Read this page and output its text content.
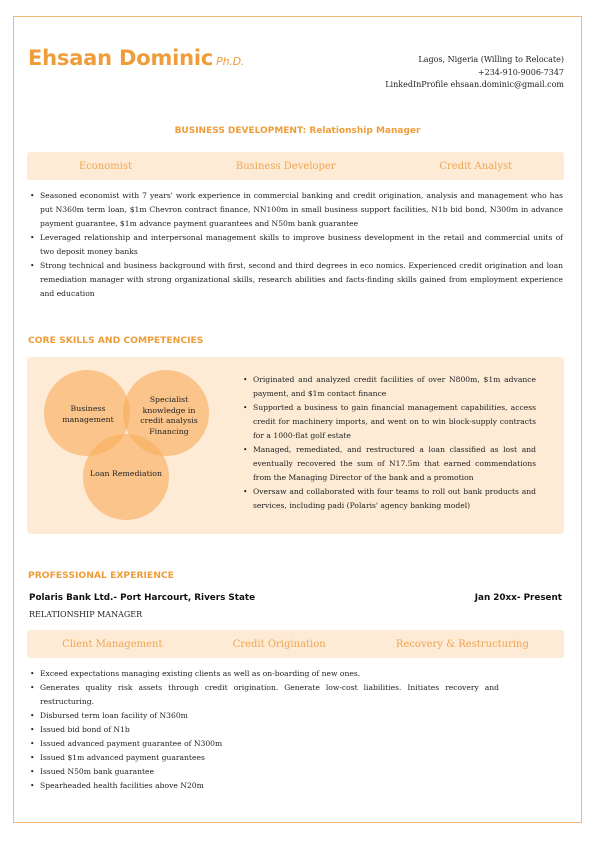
Ehsaan Dominic Ph.D.	Lagos, Nigeria (Willing to Relocate)
+234-910-9006-7347
LinkedInProfile ehsaan.dominic@gmail.com
BUSINESS DEVELOPMENT: Relationship Manager
Economist	Business Developer	Credit Analyst
• Seasoned economist with 7 years' work experience in commercial banking and credit origination, analysis and management who has put N360m term loan, $1m Chevron contract finance, NN100m in small business support facilities, N1b bid bond, N300m in advance payment guarantee, $1m advance payment guarantees and N50m bank guarantee
• Leveraged relationship and interpersonal management skills to improve business development in the retail and commercial units of two deposit money banks
• Strong technical and business background with first, second and third degrees in eco nomics. Experienced credit origination and loan remediation manager with strong organizational skills, research abilities and facts-finding skills gained from employment experience and education
CORE SKILLS AND COMPETENCIES
Business management
Specialist knowledge in credit analysis Financing
Loan Remediation
• Originated and analyzed credit facilities of over N800m, $1m advance payment, and $1m contact finance
• Supported a business to gain financial management capabilities, access credit for machinery imports, and went on to win block-supply contracts for a 1000-flat golf estate
• Managed, remediated, and restructured a loan classified as lost and eventually recovered the sum of N17.5m that earned commendations from the Managing Director of the bank and a promotion
• Oversaw and collaborated with four teams to roll out bank products and services, including padi (Polaris' agency banking model)
PROFESSIONAL EXPERIENCE
Polaris Bank Ltd.- Port Harcourt, Rivers State	Jan 20xx- Present
RELATIONSHIP MANAGER
Client Management	Credit Origination	Recovery & Restructuring
• Exceed expectations managing existing clients as well as on-boarding of new ones.
• Generates quality risk assets through credit origination. Generate low-cost liabilities. Initiates recovery and restructuring.
• Disbursed term loan facility of N360m
• Issued bid bond of N1b
• Issued advanced payment guarantee of N300m
• Issued $1m advanced payment guarantees
• Issued N50m bank guarantee
• Spearheaded health facilities above N20m
